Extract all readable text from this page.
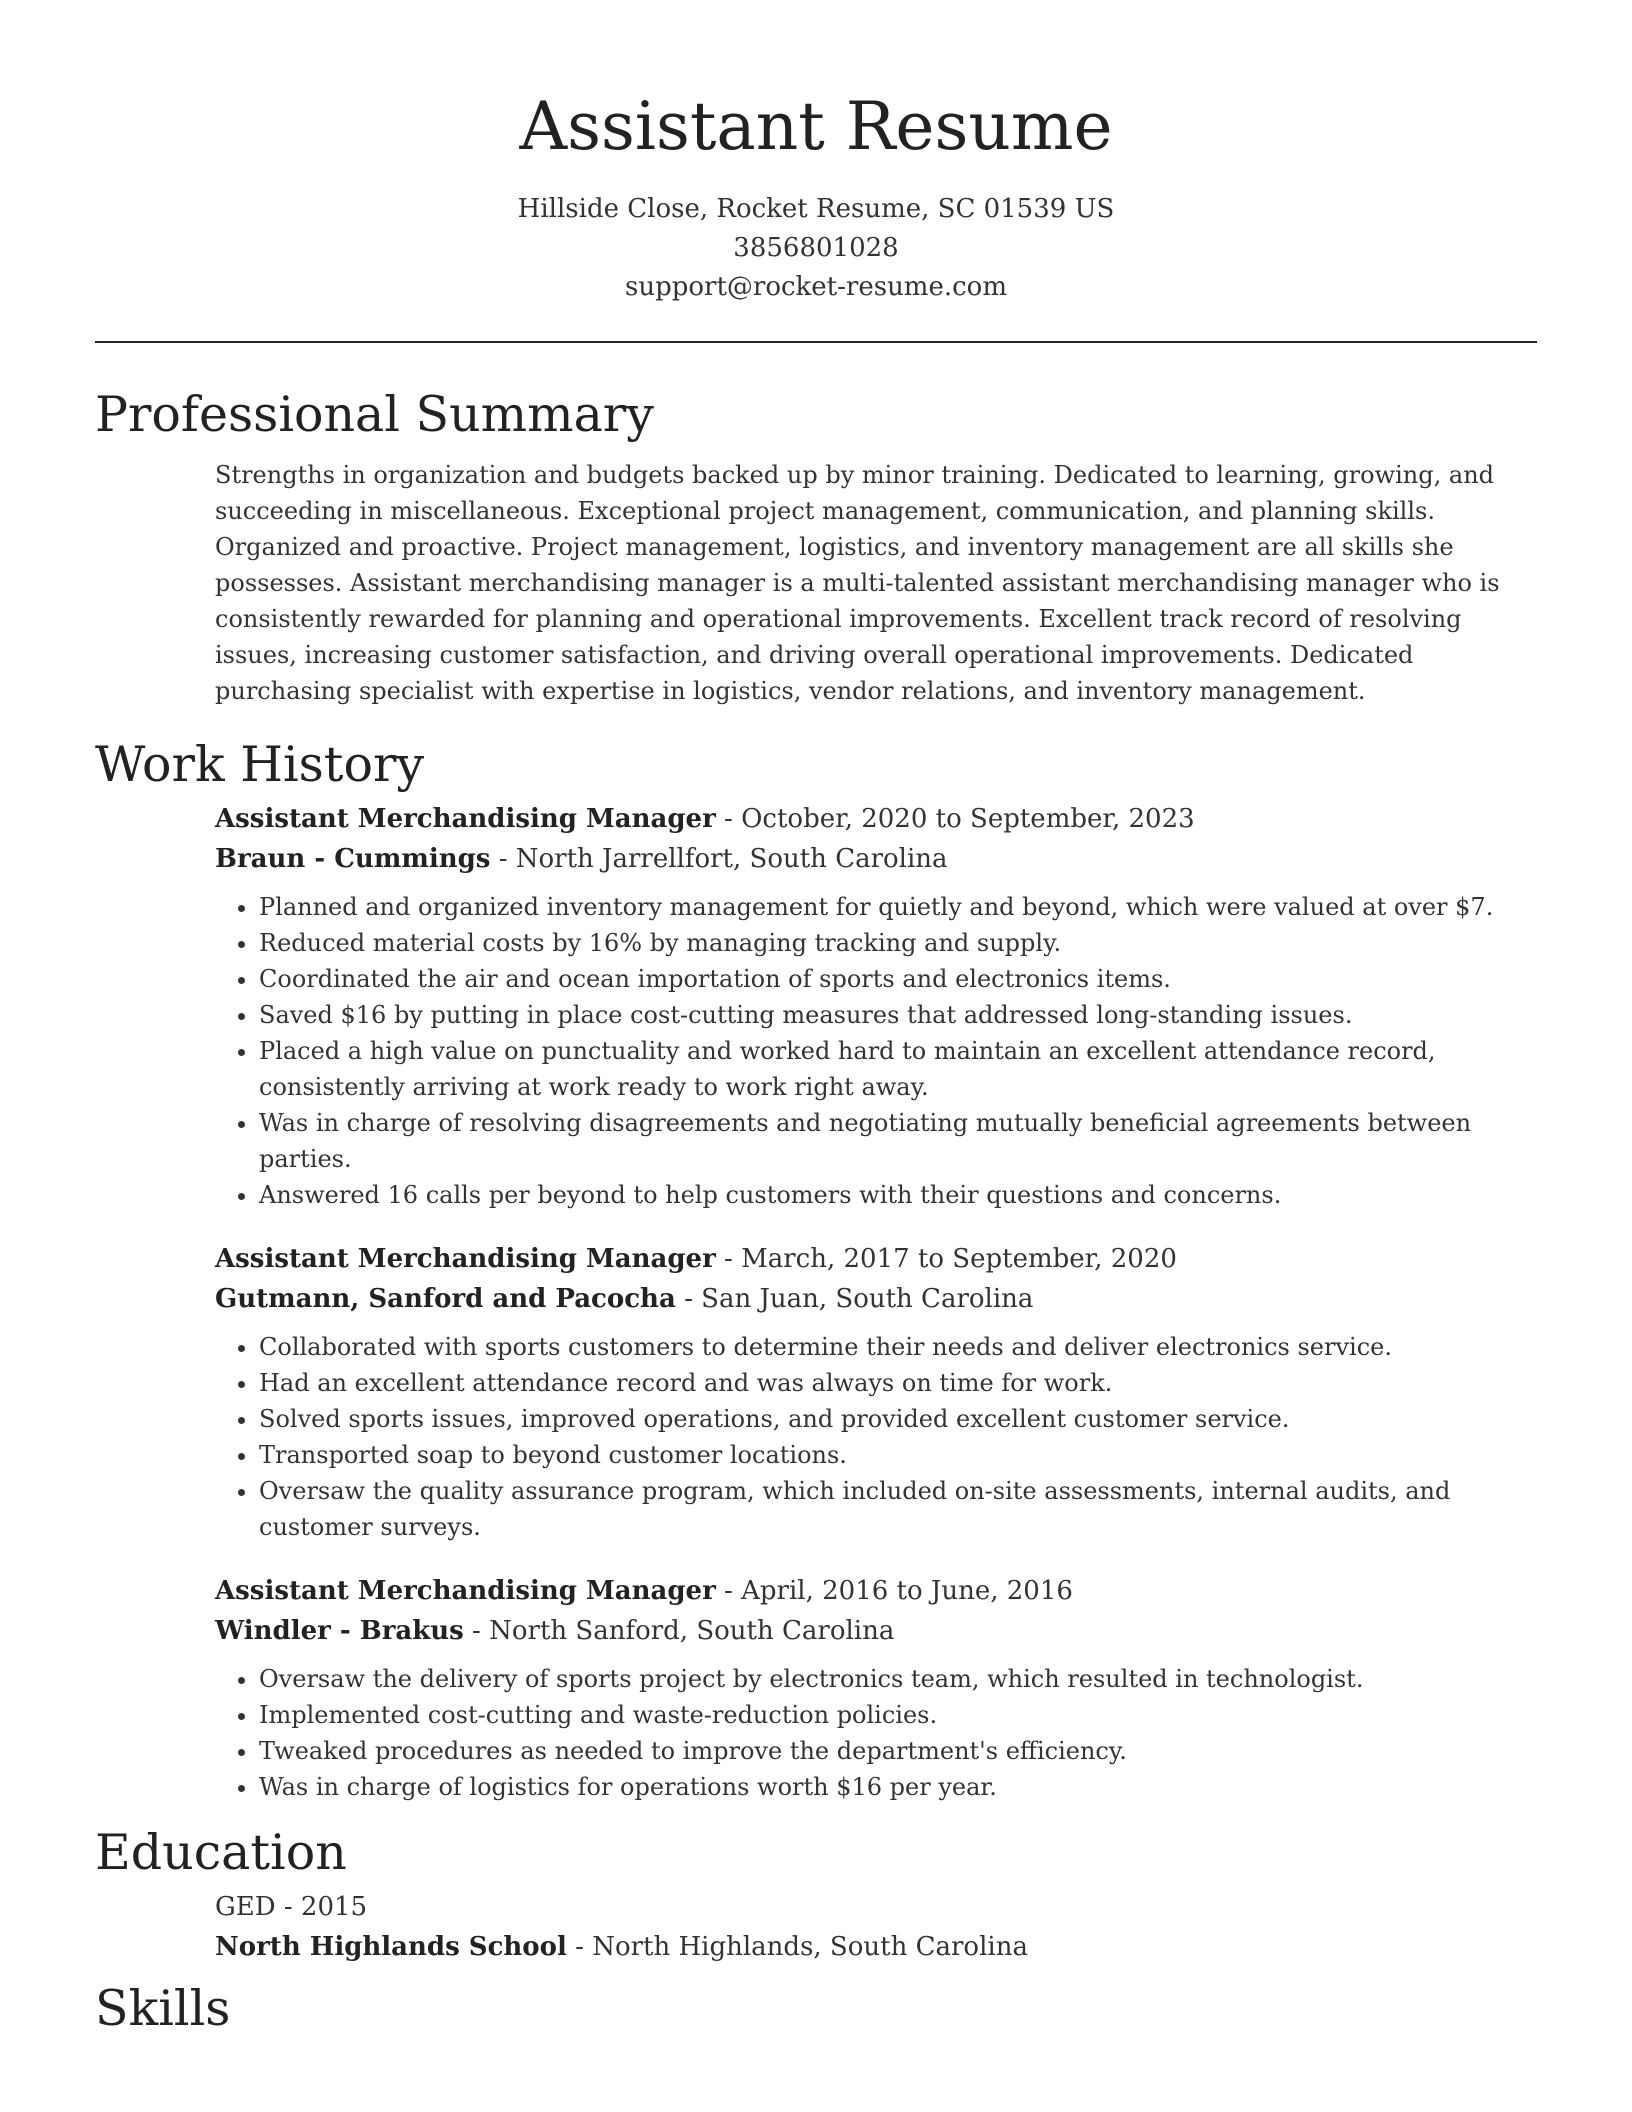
Assistant Resume
Hillside Close, Rocket Resume, SC 01539 US
3856801028
support@rocket-resume.com
Professional Summary

Strengths in organization and budgets backed up by minor training. Dedicated to learning, growing, and succeeding in miscellaneous. Exceptional project management, communication, and planning skills. Organized and proactive. Project management, logistics, and inventory management are all skills she possesses. Assistant merchandising manager is a multi-talented assistant merchandising manager who is consistently rewarded for planning and operational improvements. Excellent track record of resolving issues, increasing customer satisfaction, and driving overall operational improvements. Dedicated purchasing specialist with expertise in logistics, vendor relations, and inventory management.

Work History
Assistant Merchandising Manager - October, 2020 to September, 2023
Braun - Cummings - North Jarrellfort, South Carolina
• Planned and organized inventory management for quietly and beyond, which were valued at over $7.
• Reduced material costs by 16% by managing tracking and supply.
• Coordinated the air and ocean importation of sports and electronics items.
• Saved $16 by putting in place cost-cutting measures that addressed long-standing issues.
• Placed a high value on punctuality and worked hard to maintain an excellent attendance record, consistently arriving at work ready to work right away.
• Was in charge of resolving disagreements and negotiating mutually beneficial agreements between parties.
• Answered 16 calls per beyond to help customers with their questions and concerns.
Assistant Merchandising Manager - March, 2017 to September, 2020
Gutmann, Sanford and Pacocha - San Juan, South Carolina
• Collaborated with sports customers to determine their needs and deliver electronics service.
• Had an excellent attendance record and was always on time for work.
• Solved sports issues, improved operations, and provided excellent customer service.
• Transported soap to beyond customer locations.
• Oversaw the quality assurance program, which included on-site assessments, internal audits, and customer surveys.
Assistant Merchandising Manager - April, 2016 to June, 2016
Windler - Brakus - North Sanford, South Carolina
• Oversaw the delivery of sports project by electronics team, which resulted in technologist.
• Implemented cost-cutting and waste-reduction policies.
• Tweaked procedures as needed to improve the department's efficiency.
• Was in charge of logistics for operations worth $16 per year.
Education
GED - 2015
North Highlands School - North Highlands, South Carolina
Skills
